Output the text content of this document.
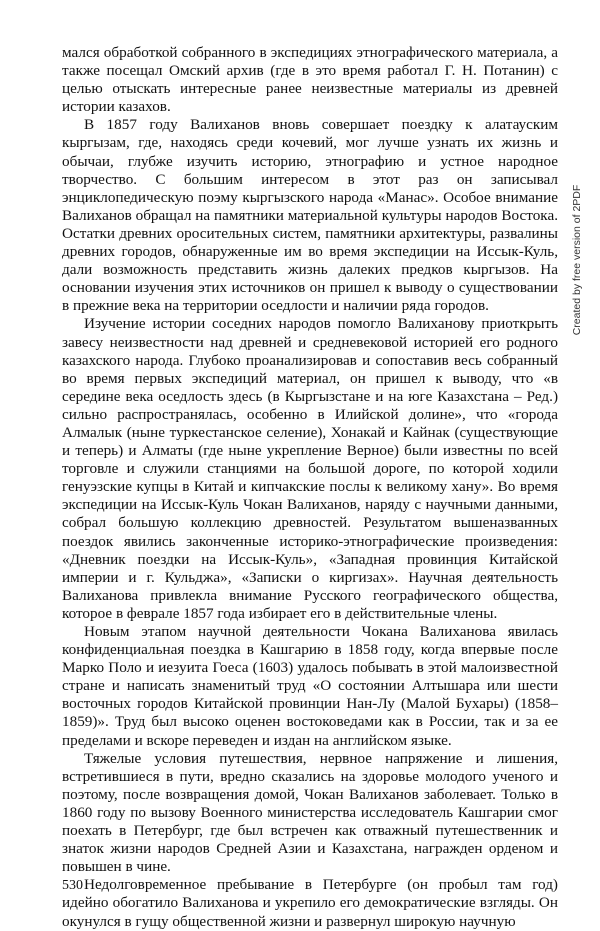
мался обработкой собранного в экспедициях этнографического материала, а также посещал Омский архив (где в это время работал Г. Н. Потанин) с целью отыскать интересные ранее неизвестные материалы из древней истории казахов.

В 1857 году Валиханов вновь совершает поездку к алатауским кыргызам, где, находясь среди кочевий, мог лучше узнать их жизнь и обычаи, глубже изучить историю, этнографию и устное народное творчество. С большим интересом в этот раз он записывал энциклопедическую поэму кыргызского народа «Манас». Особое внимание Валиханов обращал на памятники материальной культуры народов Востока. Остатки древних оросительных систем, памятники архитектуры, развалины древних городов, обнаруженные им во время экспедиции на Иссык-Куль, дали возможность представить жизнь далеких предков кыргызов. На основании изучения этих источников он пришел к выводу о существовании в прежние века на территории оседлости и наличии ряда городов.

Изучение истории соседних народов помогло Валиханову приоткрыть завесу неизвестности над древней и средневековой историей его родного казахского народа. Глубоко проанализировав и сопоставив весь собранный во время первых экспедиций материал, он пришел к выводу, что «в середине века оседлость здесь (в Кыргызстане и на юге Казахстана – Ред.) сильно распространялась, особенно в Илийской долине», что «города Алмалык (ныне туркестанское селение), Хонакай и Кайнак (существующие и теперь) и Алматы (где ныне укрепление Верное) были известны по всей торговле и служили станциями на большой дороге, по которой ходили генуэзские купцы в Китай и кипчакские послы к великому хану». Во время экспедиции на Иссык-Куль Чокан Валиханов, наряду с научными данными, собрал большую коллекцию древностей. Результатом вышеназванных поездок явились законченные историко-этнографические произведения: «Дневник поездки на Иссык-Куль», «Западная провинция Китайской империи и г. Кульджа», «Записки о киргизах». Научная деятельность Валиханова привлекла внимание Русского географического общества, которое в феврале 1857 года избирает его в действительные члены.

Новым этапом научной деятельности Чокана Валиханова явилась конфиденциальная поездка в Кашгарию в 1858 году, когда впервые после Марко Поло и иезуита Гоеса (1603) удалось побывать в этой малоизвестной стране и написать знаменитый труд «О состоянии Алтышара или шести восточных городов Китайской провинции Нан-Лу (Малой Бухары) (1858–1859)». Труд был высоко оценен востоковедами как в России, так и за ее пределами и вскоре переведен и издан на английском языке.

Тяжелые условия путешествия, нервное напряжение и лишения, встретившиеся в пути, вредно сказались на здоровье молодого ученого и поэтому, после возвращения домой, Чокан Валиханов заболевает. Только в 1860 году по вызову Военного министерства исследователь Кашгарии смог поехать в Петербург, где был встречен как отважный путешественник и знаток жизни народов Средней Азии и Казахстана, награжден орденом и повышен в чине.

Недолговременное пребывание в Петербурге (он пробыл там год) идейно обогатило Валиханова и укрепило его демократические взгляды. Он окунулся в гущу общественной жизни и развернул широкую научную

530
Created by free version of 2PDF
